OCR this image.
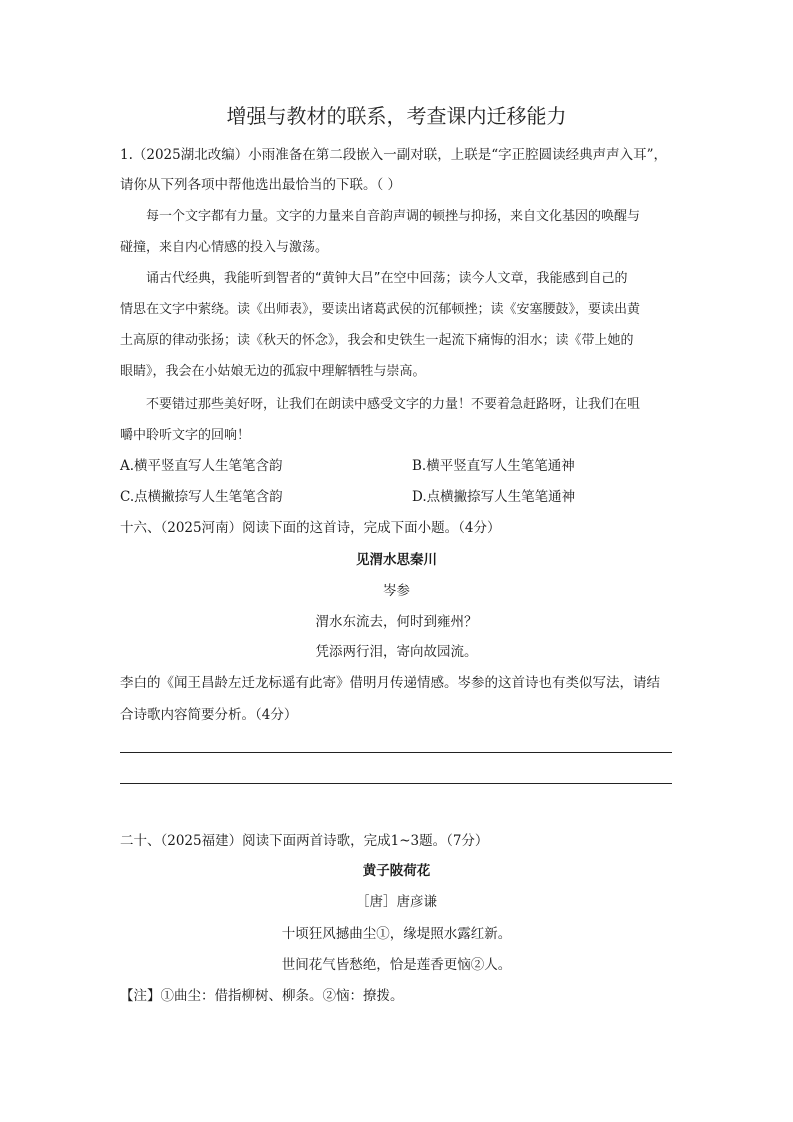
增强与教材的联系，考查课内迁移能力
1.（2025湖北改编）小雨准备在第二段嵌入一副对联，上联是“字正腔圆读经典声声入耳”，
请你从下列各项中帮他选出最恰当的下联。（ ）
每一个文字都有力量。文字的力量来自音韵声调的顿挫与抑扬，来自文化基因的唤醒与
碰撞，来自内心情感的投入与激荡。
诵古代经典，我能听到智者的“黄钟大吕”在空中回荡；读今人文章，我能感到自己的
情思在文字中萦绕。读《出师表》，要读出诸葛武侯的沉郁顿挫；读《安塞腰鼓》，要读出黄
土高原的律动张扬；读《秋天的怀念》，我会和史铁生一起流下痛悔的泪水；读《带上她的
眼睛》，我会在小姑娘无边的孤寂中理解牺牲与崇高。
不要错过那些美好呀，让我们在朗读中感受文字的力量！不要着急赶路呀，让我们在咀
嚼中聆听文字的回响！
A.横平竖直写人生笔笔含韵	B.横平竖直写人生笔笔通神
C.点横撇捺写人生笔笔含韵	D.点横撇捺写人生笔笔通神
十六、（2025河南）阅读下面的这首诗，完成下面小题。（4分）
见渭水思秦川
岑参
渭水东流去，何时到雍州？
凭添两行泪，寄向故园流。
李白的《闻王昌龄左迁龙标遥有此寄》借明月传递情感。岑参的这首诗也有类似写法，请结
合诗歌内容简要分析。（4分）
二十、（2025福建）阅读下面两首诗歌，完成1~3题。（7分）
黄子陂荷花
［唐］唐彦谦
十顷狂风撼曲尘①，缘堤照水露红新。
世间花气皆愁绝，恰是莲香更恼②人。
【注】①曲尘：借指柳树、柳条。②恼：撩拨。
